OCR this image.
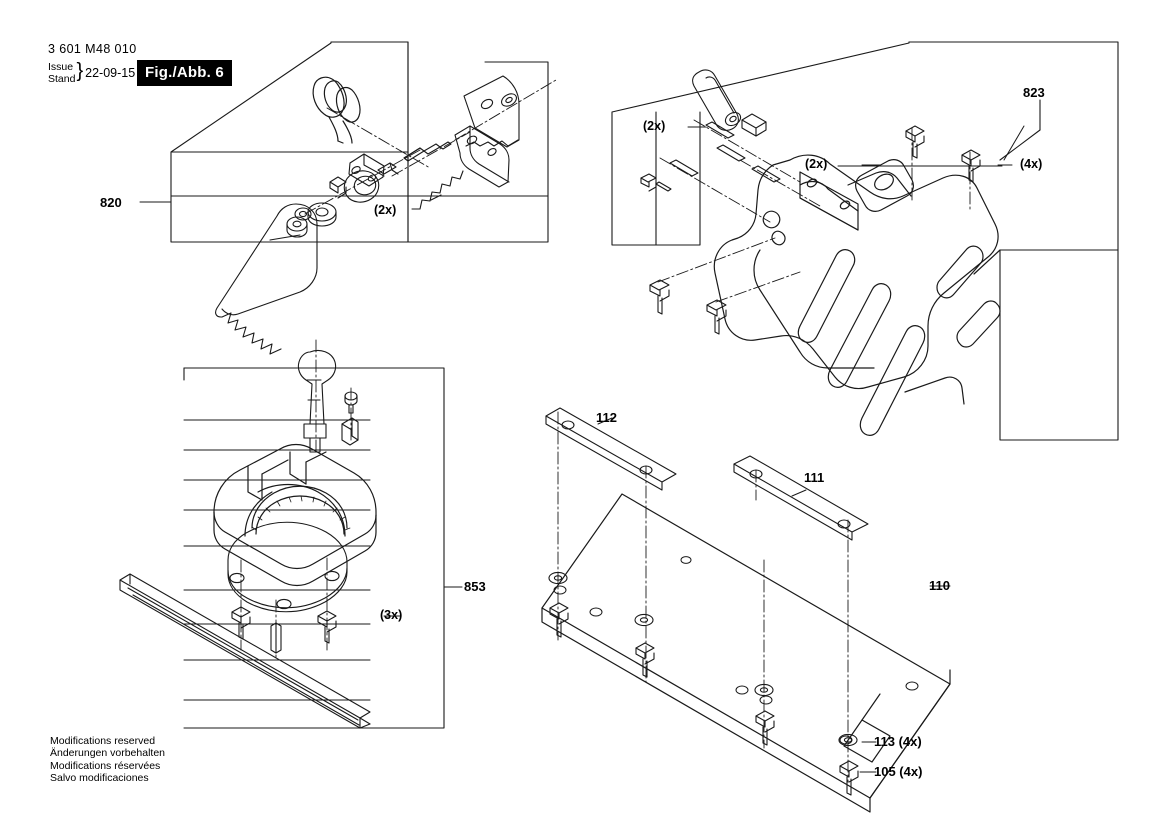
3 601 M48 010
Issue
Stand } 22-09-15 Fig./Abb. 6
820
823
853
112
111
110
113 (4x)
105 (4x)
(2x)
(2x)
(2x)	(4x)
(3x)
Modifications reserved
Änderungen vorbehalten
Modifications réservées
Salvo modificaciones
